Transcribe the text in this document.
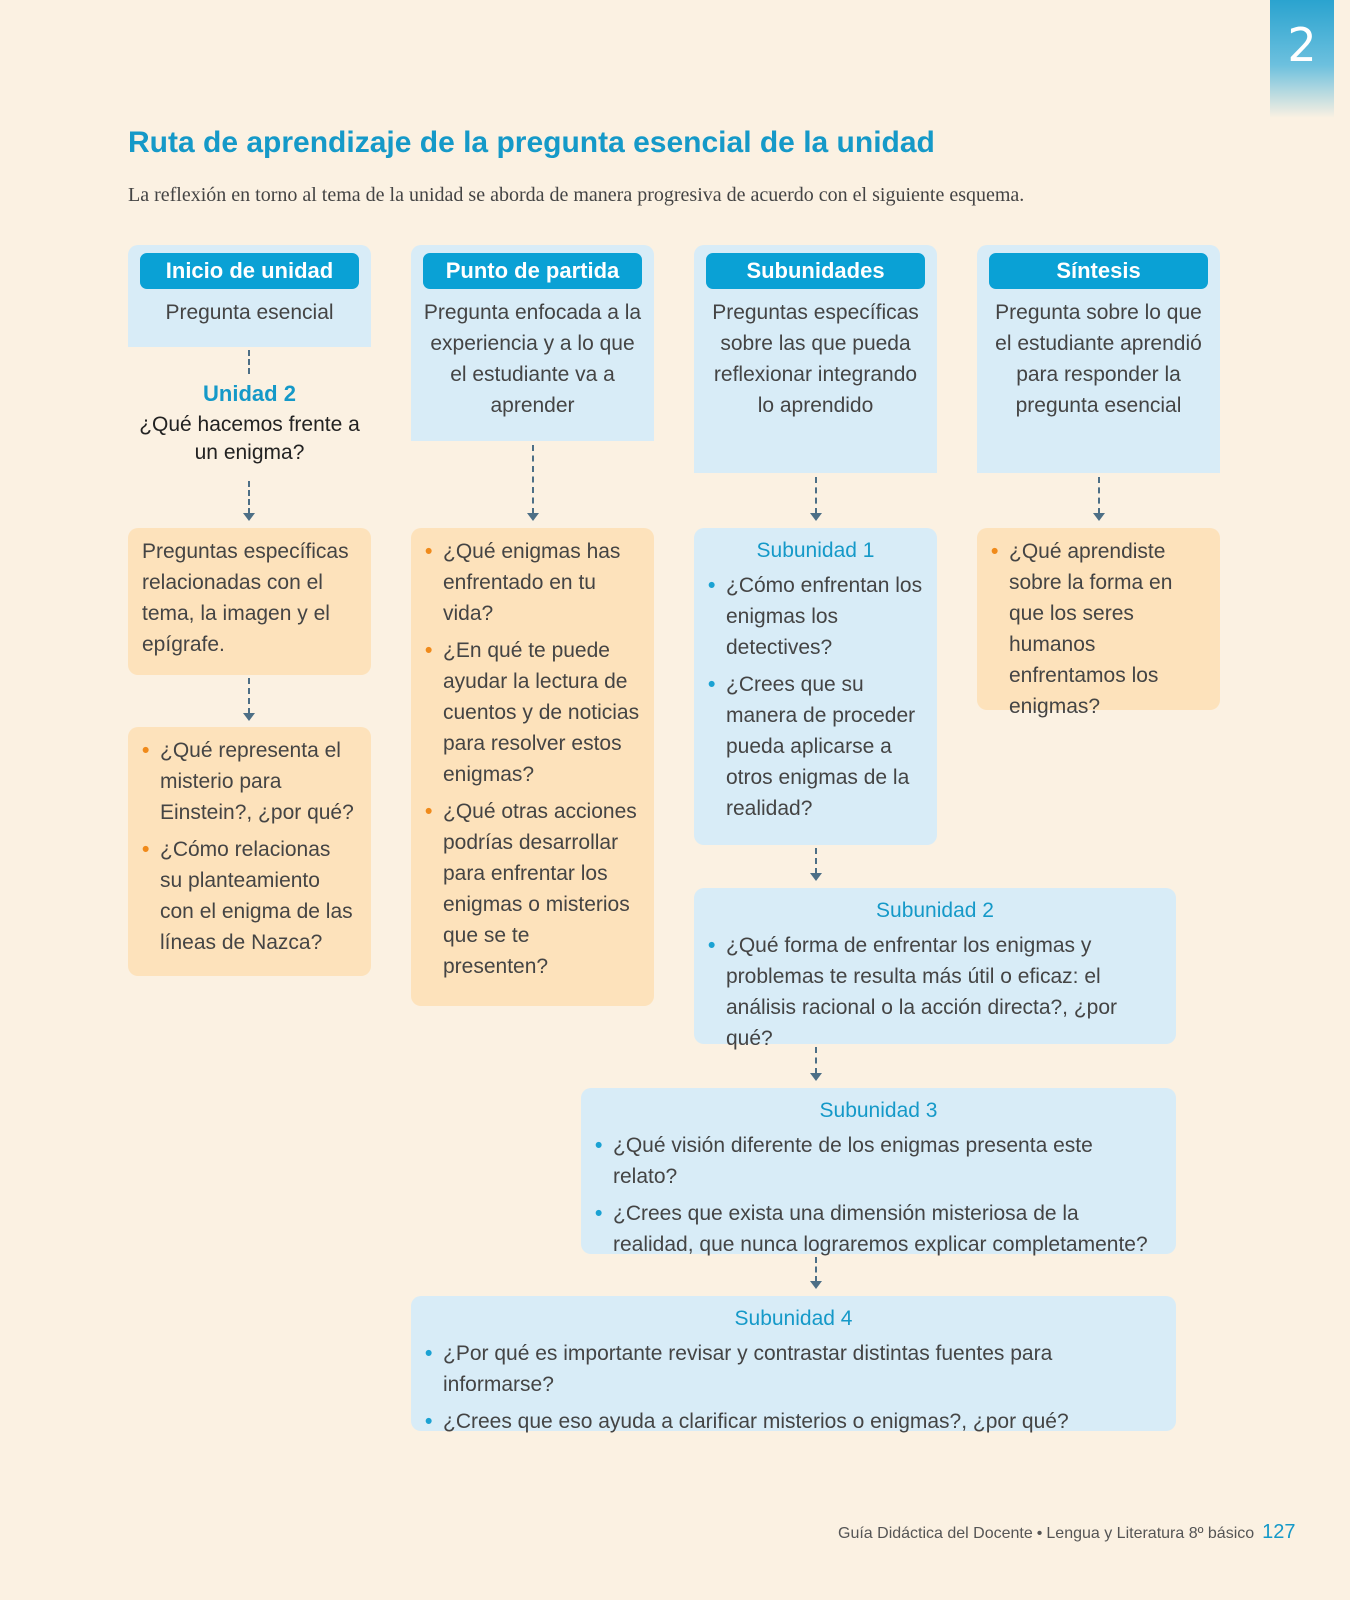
2
Ruta de aprendizaje de la pregunta esencial de la unidad
La reflexión en torno al tema de la unidad se aborda de manera progresiva de acuerdo con el siguiente esquema.
Inicio de unidad
Pregunta esencial
Unidad 2
¿Qué hacemos frente a un enigma?
Preguntas específicas relacionadas con el tema, la imagen y el epígrafe.
• ¿Qué representa el misterio para Einstein?, ¿por qué?
• ¿Cómo relacionas su planteamiento con el enigma de las líneas de Nazca?
Punto de partida
Pregunta enfocada a la experiencia y a lo que el estudiante va a aprender
• ¿Qué enigmas has enfrentado en tu vida?
• ¿En qué te puede ayudar la lectura de cuentos y de noticias para resolver estos enigmas?
• ¿Qué otras acciones podrías desarrollar para enfrentar los enigmas o misterios que se te presenten?
Subunidades
Preguntas específicas sobre las que pueda reflexionar integrando lo aprendido
Subunidad 1
• ¿Cómo enfrentan los enigmas los detectives?
• ¿Crees que su manera de proceder pueda aplicarse a otros enigmas de la realidad?
Subunidad 2
• ¿Qué forma de enfrentar los enigmas y problemas te resulta más útil o eficaz: el análisis racional o la acción directa?, ¿por qué?
Subunidad 3
• ¿Qué visión diferente de los enigmas presenta este relato?
• ¿Crees que exista una dimensión misteriosa de la realidad, que nunca lograremos explicar completamente?
Subunidad 4
• ¿Por qué es importante revisar y contrastar distintas fuentes para informarse?
• ¿Crees que eso ayuda a clarificar misterios o enigmas?, ¿por qué?
Síntesis
Pregunta sobre lo que el estudiante aprendió para responder la pregunta esencial
• ¿Qué aprendiste sobre la forma en que los seres humanos enfrentamos los enigmas?
Guía Didáctica del Docente • Lengua y Literatura 8º básico 127
